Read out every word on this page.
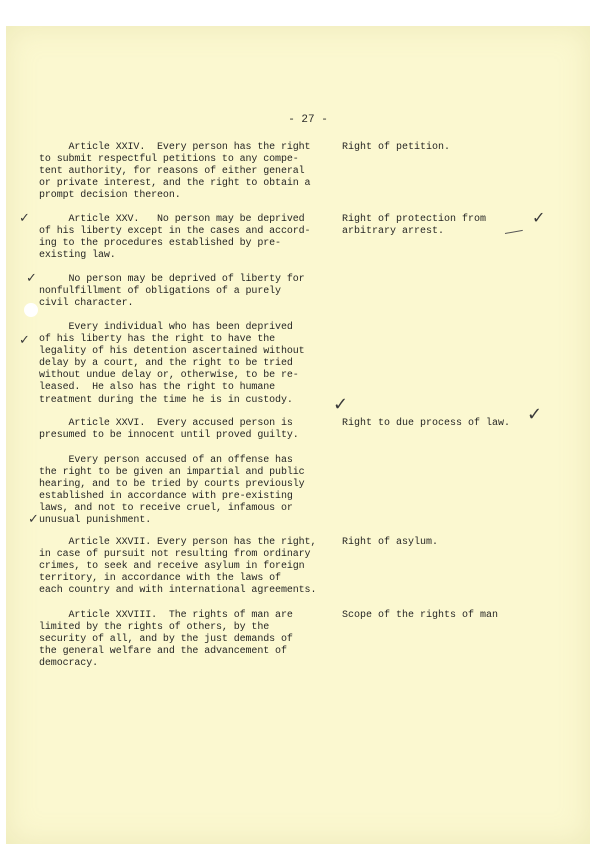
- 27 -
Article XXIV.  Every person has the right
to submit respectful petitions to any compe-
tent authority, for reasons of either general
or private interest, and the right to obtain a
prompt decision thereon.
Article XXV.   No person may be deprived
of his liberty except in the cases and accord-
ing to the procedures established by pre-
existing law.
No person may be deprived of liberty for
nonfulfillment of obligations of a purely
civil character.
Every individual who has been deprived
of his liberty has the right to have the
legality of his detention ascertained without
delay by a court, and the right to be tried
without undue delay or, otherwise, to be re-
leased.  He also has the right to humane
treatment during the time he is in custody.
Article XXVI.  Every accused person is
presumed to be innocent until proved guilty.
Every person accused of an offense has
the right to be given an impartial and public
hearing, and to be tried by courts previously
established in accordance with pre-existing
laws, and not to receive cruel, infamous or
unusual punishment.
Article XXVII. Every person has the right,
in case of pursuit not resulting from ordinary
crimes, to seek and receive asylum in foreign
territory, in accordance with the laws of
each country and with international agreements.
Article XXVIII.  The rights of man are
limited by the rights of others, by the
security of all, and by the just demands of
the general welfare and the advancement of
democracy.
Right of petition.
Right of protection from
arbitrary arrest.
Right to due process of law.
Right of asylum.
Scope of the rights of man
✓
✓
✓
✓
✓
✓	✓
